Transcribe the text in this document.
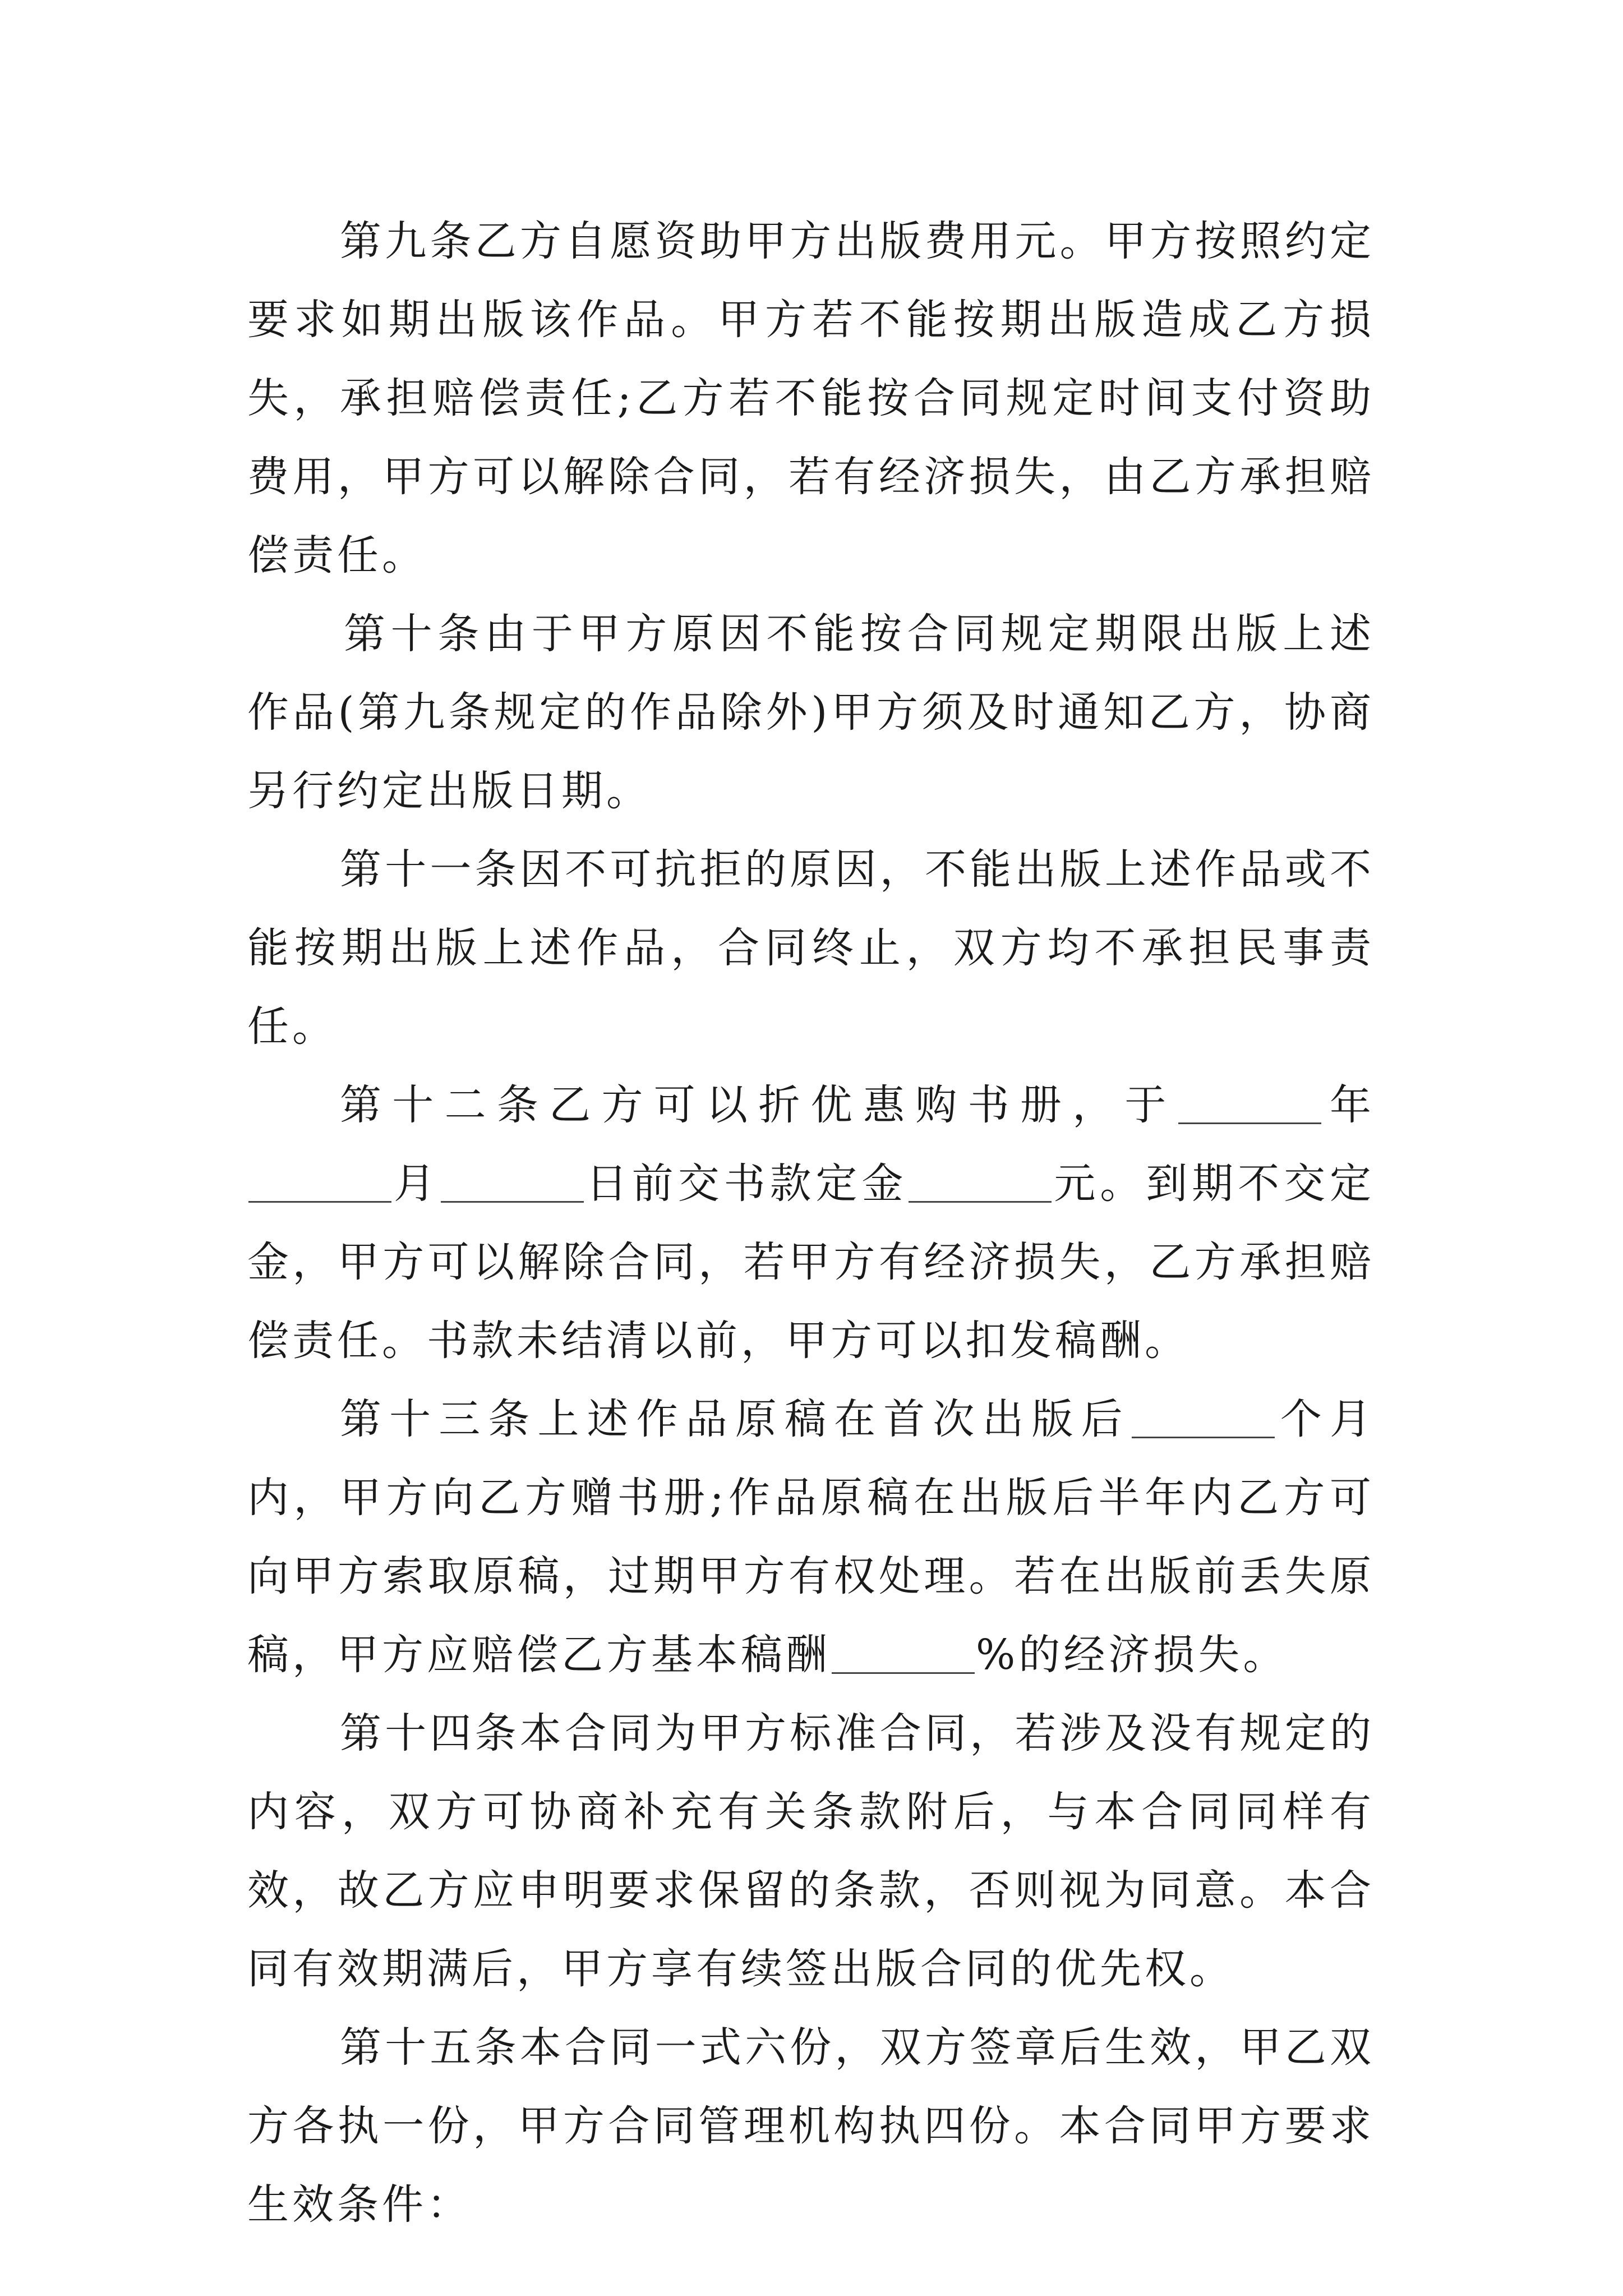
第九条乙方自愿资助甲方出版费用元。甲方按照约定要求如期出版该作品。甲方若不能按期出版造成乙方损失，承担赔偿责任;乙方若不能按合同规定时间支付资助费用，甲方可以解除合同，若有经济损失，由乙方承担赔偿责任。

第十条由于甲方原因不能按合同规定期限出版上述作品(第九条规定的作品除外)甲方须及时通知乙方，协商另行约定出版日期。

第十一条因不可抗拒的原因，不能出版上述作品或不能按期出版上述作品，合同终止，双方均不承担民事责任。

第十二条乙方可以折优惠购书册，于	年月	日前交书款定金	元。到期不交定金，甲方可以解除合同，若甲方有经济损失，乙方承担赔偿责任。书款未结清以前，甲方可以扣发稿酬。

第十三条上述作品原稿在首次出版后	个月内，甲方向乙方赠书册;作品原稿在出版后半年内乙方可向甲方索取原稿，过期甲方有权处理。若在出版前丢失原稿，甲方应赔偿乙方基本稿酬	%的经济损失。

第十四条本合同为甲方标准合同，若涉及没有规定的内容，双方可协商补充有关条款附后，与本合同同样有效，故乙方应申明要求保留的条款，否则视为同意。本合同有效期满后，甲方享有续签出版合同的优先权。

第十五条本合同一式六份，双方签章后生效，甲乙双方各执一份，甲方合同管理机构执四份。本合同甲方要求生效条件：
